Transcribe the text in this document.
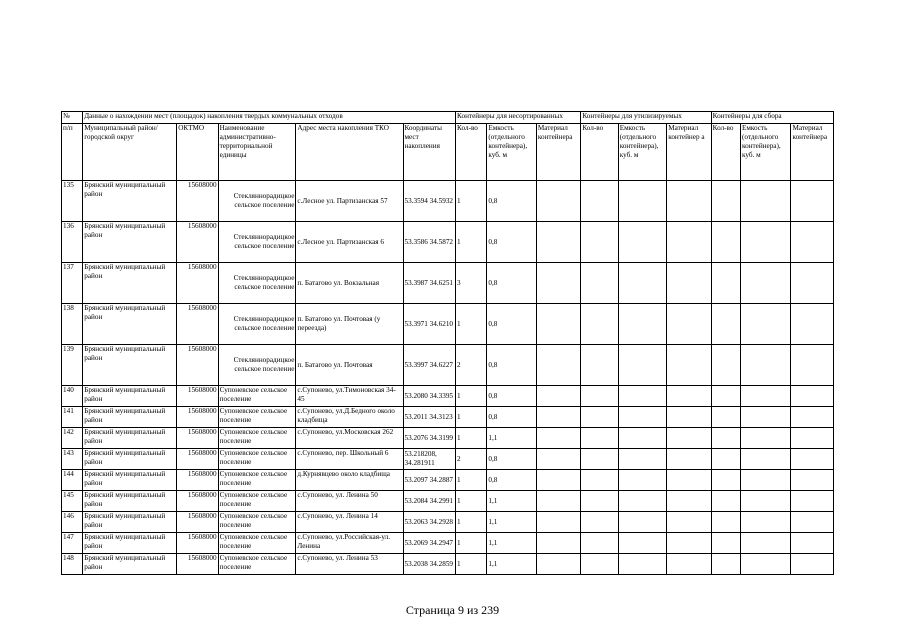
№	Данные о нахождении мест (площадок) накопления твердых коммунальных отходов					Контейнеры для несортированных			Контейнеры для утилизируемых			Контейнеры для сбора		
п/п	Муниципальный район/городской округ	ОКТМО	Наименование административно-территориальной единицы	Адрес места накопления ТКО	Координаты мест накопления	Кол-во	Емкость (отдельного контейнера), куб. м	Материал контейнера	Кол-во	Емкость (отдельного контейнера), куб. м	Материал контейнер а	Кол-во	Емкость (отдельного контейнера), куб. м	Материал контейнера
135	Брянский муниципальный район	15608000	Стекляннорадицкое сельское поселение	с.Лесное ул. Партизанская 57	53.3594 34.5932	1	0,8							
136	Брянский муниципальный район	15608000	Стекляннорадицкое сельское поселение	с.Лесное ул. Партизанская 6	53.3586 34.5872	1	0,8							
137	Брянский муниципальный район	15608000	Стекляннорадицкое сельское поселение	п. Батагово ул. Вокзальная	53.3987 34.6251	3	0,8							
138	Брянский муниципальный район	15608000	Стекляннорадицкое сельское поселение	п. Батагово ул. Почтовая (у переезда)	53.3971 34.6210	1	0,8							
139	Брянский муниципальный район	15608000	Стекляннорадицкое сельское поселение	п. Батагово ул. Почтовая	53.3997 34.6227	2	0,8							
140	Брянский муниципальный район	15608000	Супоневское сельское поселение	с.Супонево, ул.Тимоновская 34-45	53.2080 34.3395	1	0,8							
141	Брянский муниципальный район	15608000	Супоневское сельское поселение	с.Супонево, ул.Д.Бедного около кладбища	53.2011 34.3123	1	0,8							
142	Брянский муниципальный район	15608000	Супоневское сельское поселение	с.Супонево, ул.Московская 262	53.2076 34.3199	1	1,1							
143	Брянский муниципальный район	15608000	Супоневское сельское поселение	с.Супонево, пер. Школьный 6	53.218208, 34.281911	2	0,8							
144	Брянский муниципальный район	15608000	Супоневское сельское поселение	д.Курнявцево около кладбища	53.2097 34.2887	1	0,8							
145	Брянский муниципальный район	15608000	Супоневское сельское поселение	с.Супонево, ул. Ленина 50	53.2084 34.2991	1	1,1							
146	Брянский муниципальный район	15608000	Супоневское сельское поселение	с.Супонево, ул. Ленина 14	53.2063 34.2928	1	1,1							
147	Брянский муниципальный район	15608000	Супоневское сельское поселение	с.Супонево, ул.Российская-ул. Ленина	53.2069 34.2947	1	1,1							
148	Брянский муниципальный район	15608000	Супоневское сельское поселение	с.Супонево, ул. Ленина 53	53.2038 34.2859	1	1,1							
Страница 9 из 239
